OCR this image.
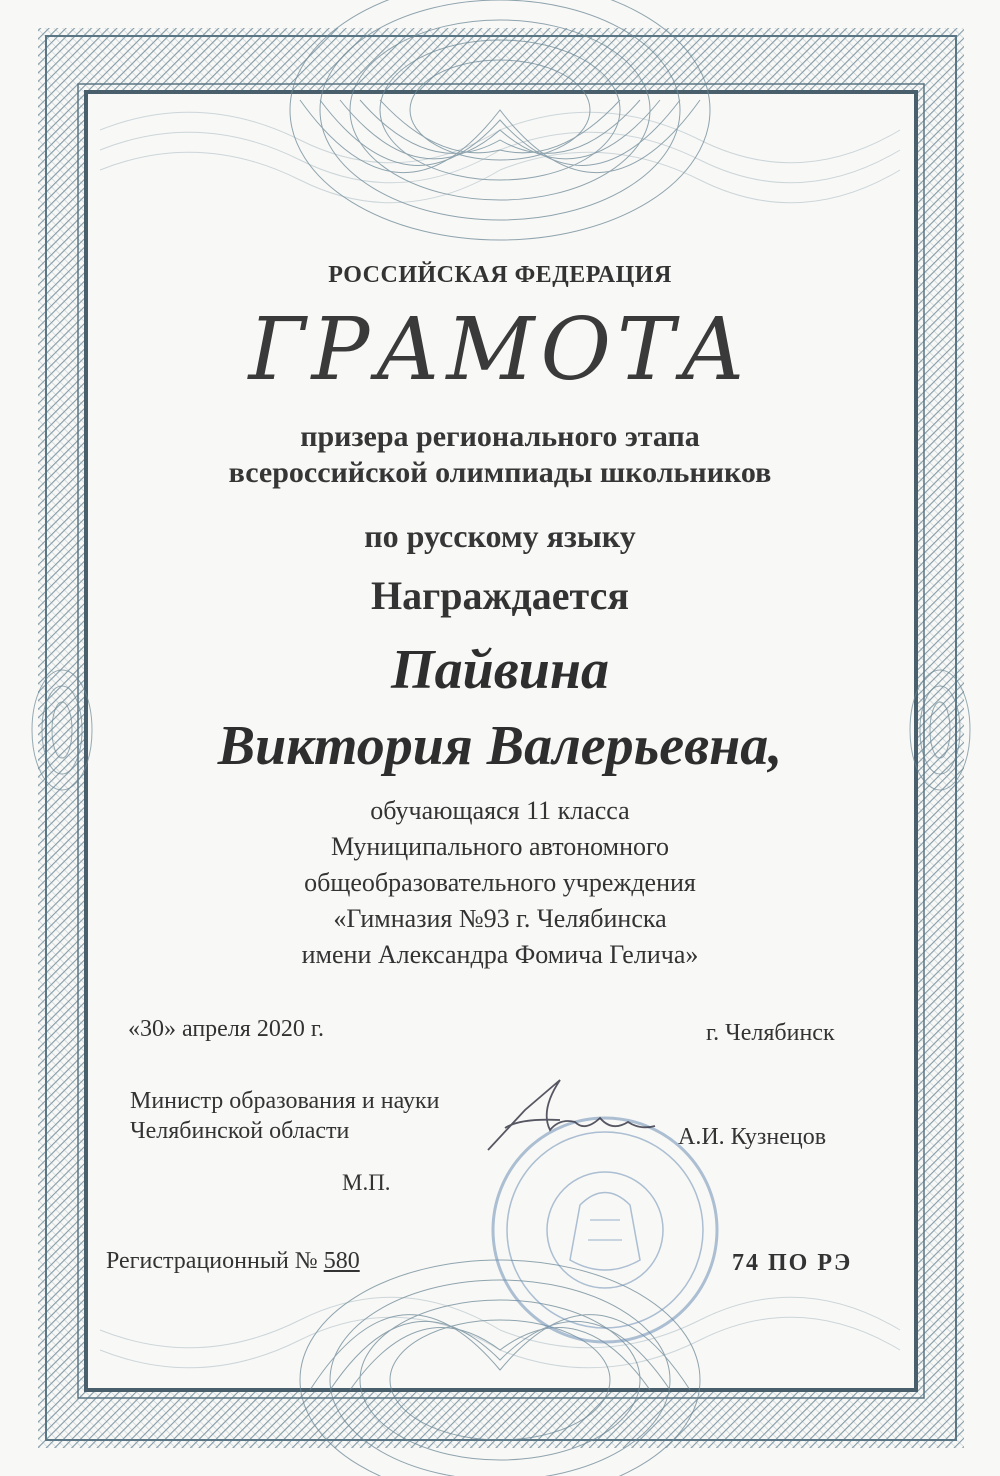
РОССИЙСКАЯ ФЕДЕРАЦИЯ
ГРАМОТА
призера регионального этапа
всероссийской олимпиады школьников
по русскому языку
Награждается
Пайвина
Виктория Валерьевна,
обучающаяся 11 класса
Муниципального автономного
общеобразовательного учреждения
«Гимназия №93 г. Челябинска
имени Александра Фомича Гелича»
«30» апреля 2020 г.	г. Челябинск
Министр образования и науки
Челябинской области	А.И. Кузнецов
М.П.
Регистрационный № 580	74 ПО РЭ
